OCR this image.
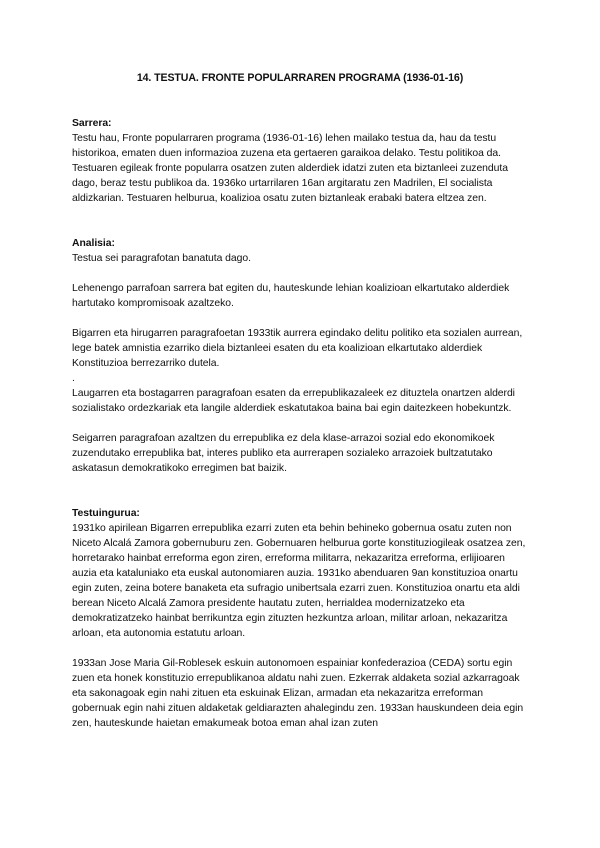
14. TESTUA. FRONTE POPULARRAREN PROGRAMA (1936-01-16)

Sarrera:

Testu hau, Fronte popularraren programa (1936-01-16) lehen mailako testua da, hau da testu historikoa, ematen duen informazioa zuzena eta gertaeren garaikoa delako. Testu politikoa da. Testuaren egileak fronte popularra osatzen zuten alderdiek idatzi zuten eta biztanleei zuzenduta dago, beraz testu publikoa da. 1936ko urtarrilaren 16an argitaratu zen Madrilen, El socialista aldizkarian. Testuaren helburua, koalizioa osatu zuten biztanleak erabaki batera eltzea zen.

Analisia:

Testua sei paragrafotan banatuta dago.

Lehenengo parrafoan sarrera bat egiten du, hauteskunde lehian koalizioan elkartutako alderdiek hartutako kompromisoak azaltzeko.

Bigarren eta hirugarren paragrafoetan 1933tik aurrera egindako delitu politiko eta sozialen aurrean, lege batek amnistia ezarriko diela biztanleei esaten du eta koalizioan elkartutako alderdiek Konstituzioa berrezarriko dutela.

.

Laugarren eta bostagarren paragrafoan esaten da errepublikazaleek ez dituztela onartzen alderdi sozialistako ordezkariak eta langile alderdiek eskatutakoa baina bai egin daitezkeen hobekuntzk.

Seigarren paragrafoan azaltzen du errepublika ez dela klase-arrazoi sozial edo ekonomikoek zuzendutako errepublika bat, interes publiko eta aurrerapen sozialeko arrazoiek bultzatutako askatasun demokratikoko erregimen bat baizik.

Testuingurua:

1931ko apirilean Bigarren errepublika ezarri zuten eta behin behineko gobernua osatu zuten non Niceto Alcalá Zamora gobernuburu zen. Gobernuaren helburua gorte konstituziogileak osatzea zen, horretarako hainbat erreforma egon ziren, erreforma militarra, nekazaritza erreforma, erlijioaren auzia eta kataluniako eta euskal autonomiaren auzia. 1931ko abenduaren 9an konstituzioa onartu egin zuten, zeina botere banaketa eta sufragio unibertsala ezarri zuen. Konstituzioa onartu eta aldi berean Niceto Alcalá Zamora presidente hautatu zuten, herrialdea modernizatzeko eta demokratizatzeko hainbat berrikuntza egin zituzten hezkuntza arloan, militar arloan, nekazaritza arloan, eta autonomia estatutu arloan.

1933an Jose Maria Gil-Roblesek eskuin autonomoen espainiar konfederazioa (CEDA) sortu egin zuen eta honek konstituzio errepublikanoa aldatu nahi zuen. Ezkerrak aldaketa sozial azkarragoak eta sakonagoak egin nahi zituen eta eskuinak Elizan, armadan eta nekazaritza erreforman gobernuak egin nahi zituen aldaketak geldiarazten ahalegindu zen. 1933an hauskundeen deia egin zen, hauteskunde haietan emakumeak botoa eman ahal izan zuten
